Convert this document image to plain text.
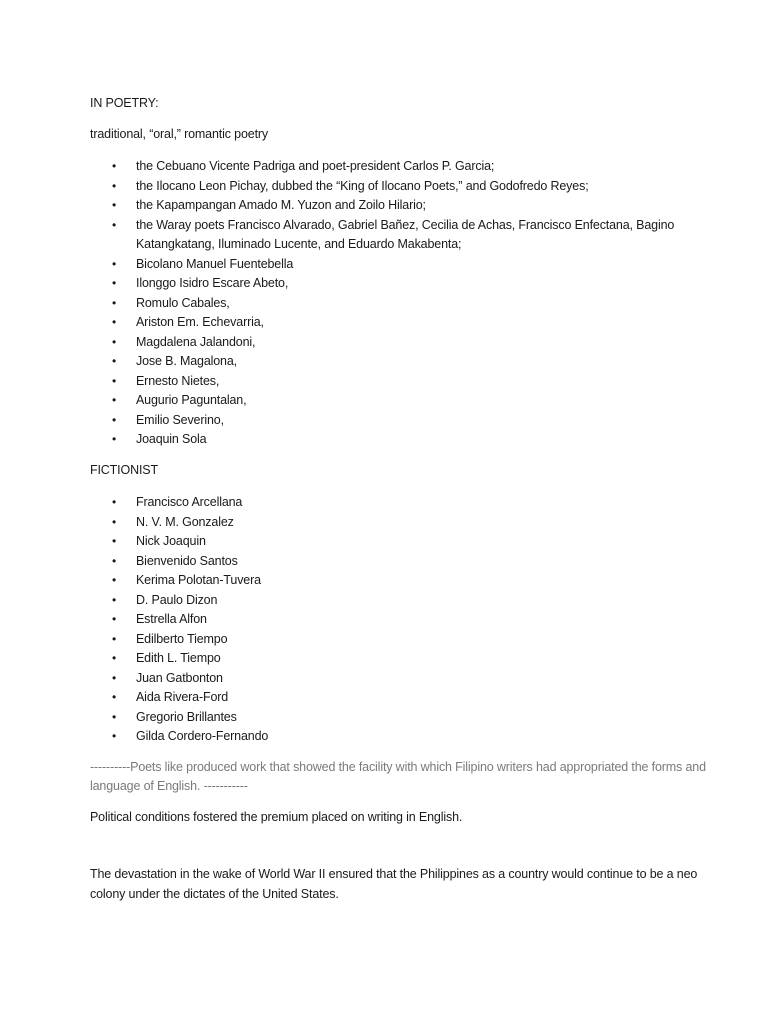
IN POETRY:

traditional, “oral,” romantic poetry

• the Cebuano Vicente Padriga and poet-president Carlos P. Garcia;
• the Ilocano Leon Pichay, dubbed the “King of Ilocano Poets,” and Godofredo Reyes;
• the Kapampangan Amado M. Yuzon and Zoilo Hilario;
• the Waray poets Francisco Alvarado, Gabriel Bañez, Cecilia de Achas, Francisco Enfectana, Bagino Katangkatang, Iluminado Lucente, and Eduardo Makabenta;
• Bicolano Manuel Fuentebella
• Ilonggo Isidro Escare Abeto,
• Romulo Cabales,
• Ariston Em. Echevarria,
• Magdalena Jalandoni,
• Jose B. Magalona,
• Ernesto Nietes,
• Augurio Paguntalan,
• Emilio Severino,
• Joaquin Sola

FICTIONIST

• Francisco Arcellana
• N. V. M. Gonzalez
• Nick Joaquin
• Bienvenido Santos
• Kerima Polotan-Tuvera
• D. Paulo Dizon
• Estrella Alfon
• Edilberto Tiempo
• Edith L. Tiempo
• Juan Gatbonton
• Aida Rivera-Ford
• Gregorio Brillantes
• Gilda Cordero-Fernando

----------Poets like produced work that showed the facility with which Filipino writers had appropriated the forms and language of English. -----------

Political conditions fostered the premium placed on writing in English.

The devastation in the wake of World War II ensured that the Philippines as a country would continue to be a neo colony under the dictates of the United States.
